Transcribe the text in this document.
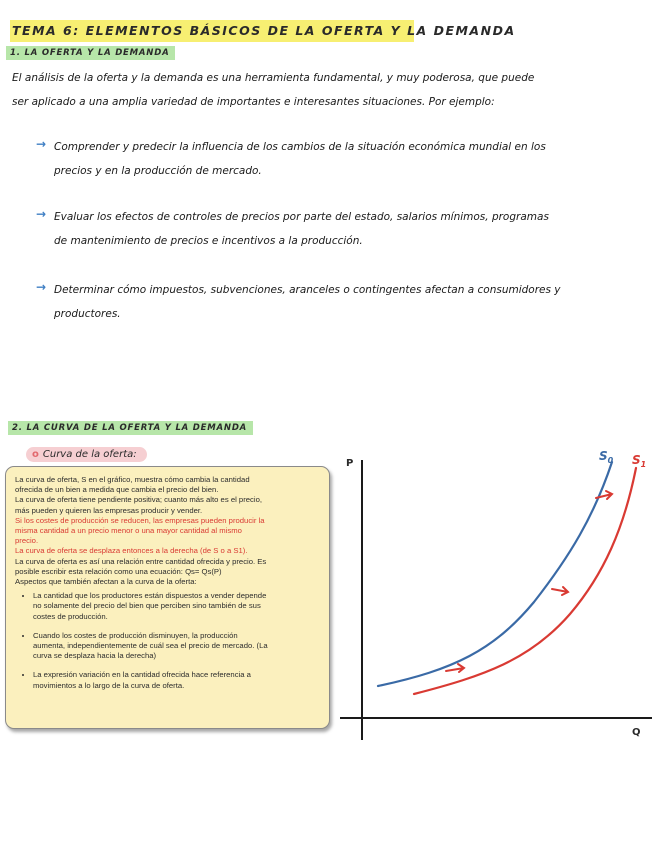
TEMA 6: ELEMENTOS BÁSICOS DE LA OFERTA Y LA DEMANDA
1. LA OFERTA Y LA DEMANDA
El análisis de la oferta y la demanda es una herramienta fundamental, y muy poderosa, que puede
ser aplicado a una amplia variedad de importantes e interesantes situaciones. Por ejemplo:
→ Comprender y predecir la influencia de los cambios de la situación económica mundial en los
precios y en la producción de mercado.
→ Evaluar los efectos de controles de precios por parte del estado, salarios mínimos, programas
de mantenimiento de precios e incentivos a la producción.
→ Determinar cómo impuestos, subvenciones, aranceles o contingentes afectan a consumidores y
productores.
2. LA CURVA DE LA OFERTA Y LA DEMANDA
o Curva de la oferta:
La curva de oferta, S en el gráfico, muestra cómo cambia la cantidad
ofrecida de un bien a medida que cambia el precio del bien.
La curva de oferta tiene pendiente positiva; cuanto más alto es el precio,
más pueden y quieren las empresas producir y vender.
Si los costes de producción se reducen, las empresas pueden producir la
misma cantidad a un precio menor o una mayor cantidad al mismo
precio.
La curva de oferta se desplaza entonces a la derecha (de S o a S1).
La curva de oferta es así una relación entre cantidad ofrecida y precio. Es
posible escribir esta relación como una ecuación: Qs= Qs(P)
Aspectos que también afectan a la curva de la oferta:
• La cantidad que los productores están dispuestos a vender depende
no solamente del precio del bien que perciben sino también de sus
costes de producción.
• Cuando los costes de producción disminuyen, la producción
aumenta, independientemente de cuál sea el precio de mercado. (La
curva se desplaza hacia la derecha)
• La expresión variación en la cantidad ofrecida hace referencia a
movimientos a lo largo de la curva de oferta.
P
Q
$S_0$ $S_1$
